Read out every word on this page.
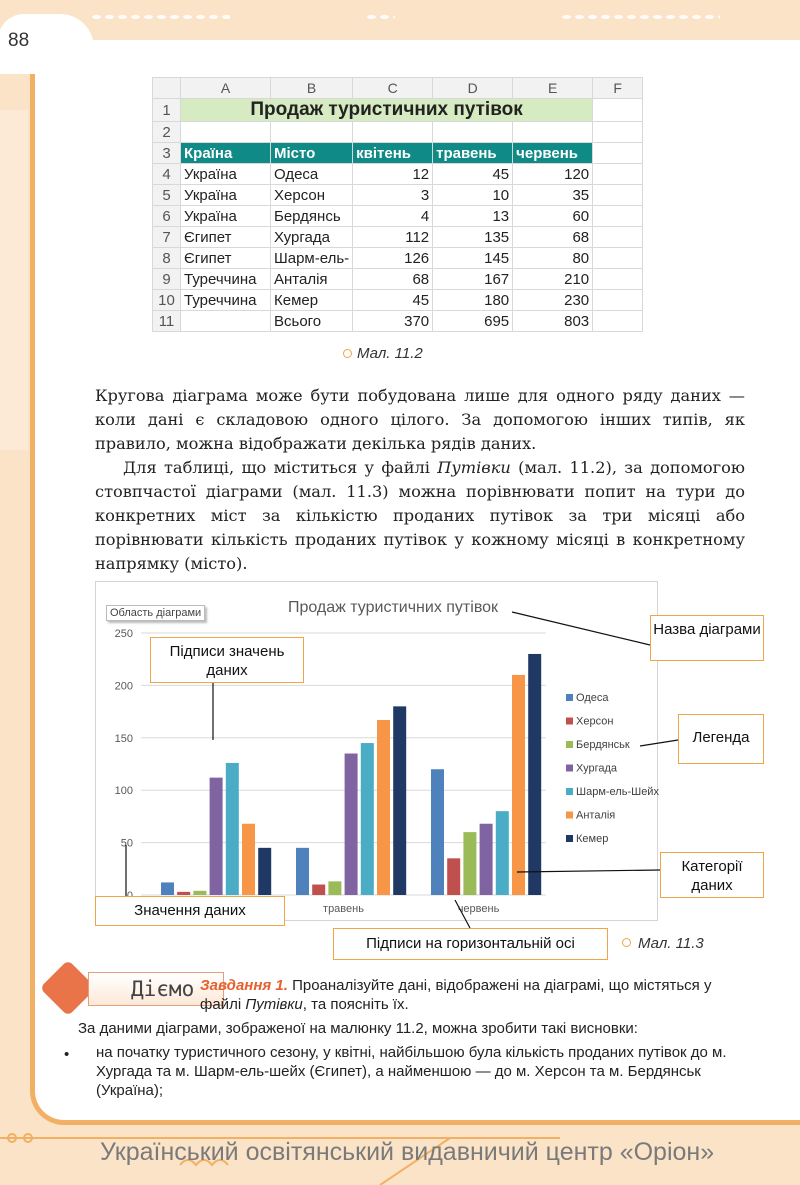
88
	A	B	C	D	E	F
1	Продаж туристичних путівок					
2						
3	Країна	Місто	квітень	травень	червень	
4	Україна	Одеса	12	45	120	
5	Україна	Херсон	3	10	35	
6	Україна	Бердянсь	4	13	60	
7	Єгипет	Хургада	112	135	68	
8	Єгипет	Шарм-ель-	126	145	80	
9	Туреччина	Анталія	68	167	210	
10	Туреччина	Кемер	45	180	230	
11		Всього	370	695	803	
Мал. 11.2
Кругова діаграма може бути побудована лише для одного ряду даних — коли дані є складовою одного цілого. За допомогою інших типів, як правило, можна відображати декілька рядів даних.
Для таблиці, що міститься у файлі Путівки (мал. 11.2), за допомогою стовпчастої діаграми (мал. 11.3) можна порівнювати попит на тури до конкретних міст за кількістю проданих путівок за три місяці або порівнювати кількість проданих путівок у кожному місяці в конкретному напрямку (місто).
Продаж туристичних путівок
50
100
150
200
250
травень	червень
Одеса
Херсон
Бердянськ
Хургада
Шарм-ель-Шейх
Анталія
Кемер
Область діаграми
Назва діаграми
Підписи значень даних
Легенда
Категорії даних
Значення даних
Підписи на горизонтальній осі	Мал. 11.3
Дiємо Завдання 1. Проаналізуйте дані, відображені на діаграмі, що містяться у файлі Путівки, та поясніть їх.
За даними діаграми, зображеної на малюнку 11.2, можна зробити такі висновки:
•	на початку туристичного сезону, у квітні, найбільшою була кількість проданих путівок до м. Хургада та м. Шарм-ель-шейх (Єгипет), а найменшою — до м. Херсон та м. Бердянськ (Україна);
Український освітянський видавничий центр «Оріон»
